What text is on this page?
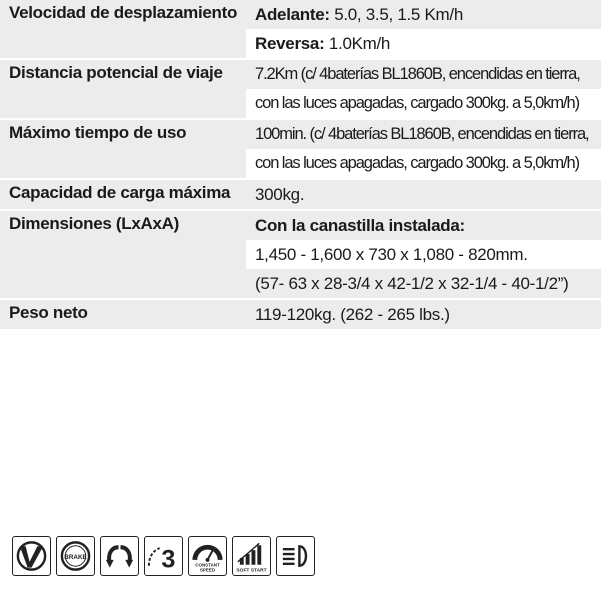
Velocidad de desplazamiento	Adelante: 5.0, 3.5, 1.5 Km/h
Reversa: 1.0Km/h
Distancia potencial de viaje	7.2Km (c/ 4baterías BL1860B, encendidas en tierra,
con las luces apagadas, cargado 300kg. a 5,0km/h)
Máximo tiempo de uso	100min. (c/ 4baterías BL1860B, encendidas en tierra,
con las luces apagadas, cargado 300kg. a 5,0km/h)
Capacidad de carga máxima	300kg.
Dimensiones (LxAxA)	Con la canastilla instalada:
1,450 - 1,600 x 730 x 1,080 - 820mm.
(57- 63 x 28-3/4 x 42-1/2 x 32-1/4 - 40-1/2”)
Peso neto	119-120kg. (262 - 265 lbs.)
BRAKE	3	CONSTANT
SPEED	SOFT START
